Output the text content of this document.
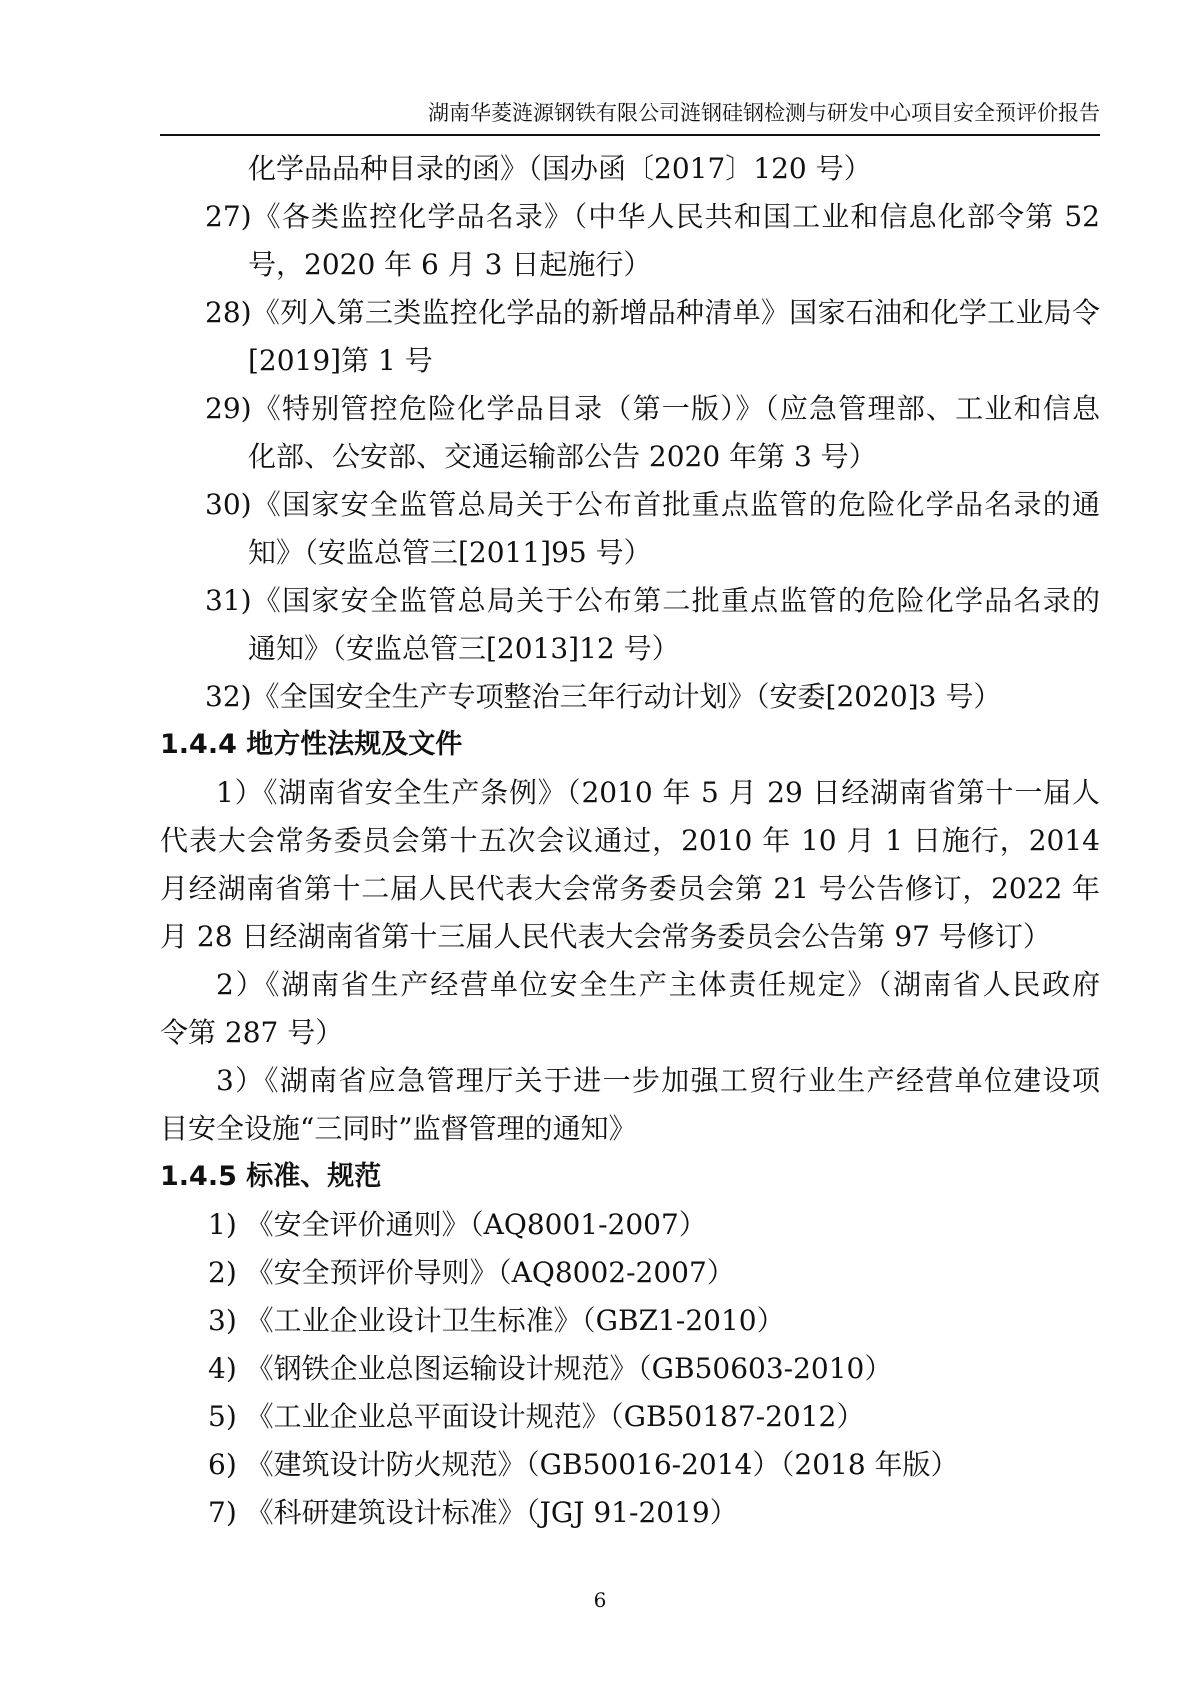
湖南华菱涟源钢铁有限公司涟钢硅钢检测与研发中心项目安全预评价报告
化学品品种目录的函》（国办函〔2017〕120 号）
27)《各类监控化学品名录》（中华人民共和国工业和信息化部令第 52
号，2020 年 6 月 3 日起施行）
28)《列入第三类监控化学品的新增品种清单》国家石油和化学工业局令
[2019]第 1 号
29)《特别管控危险化学品目录（第一版）》（应急管理部、工业和信息
化部、公安部、交通运输部公告 2020 年第 3 号）
30)《国家安全监管总局关于公布首批重点监管的危险化学品名录的通
知》（安监总管三[2011]95 号）
31)《国家安全监管总局关于公布第二批重点监管的危险化学品名录的
通知》（安监总管三[2013]12 号）
32)《全国安全生产专项整治三年行动计划》（安委[2020]3 号）
1.4.4 地方性法规及文件
1）《湖南省安全生产条例》（2010 年 5 月 29 日经湖南省第十一届人
代表大会常务委员会第十五次会议通过，2010 年 10 月 1 日施行，2014
月经湖南省第十二届人民代表大会常务委员会第 21 号公告修订，2022 年
月 28 日经湖南省第十三届人民代表大会常务委员会公告第 97 号修订）
2）《湖南省生产经营单位安全生产主体责任规定》（湖南省人民政府
令第 287 号）
3）《湖南省应急管理厅关于进一步加强工贸行业生产经营单位建设项
目安全设施“三同时”监督管理的通知》
1.4.5 标准、规范
1) 《安全评价通则》（AQ8001-2007）
2) 《安全预评价导则》（AQ8002-2007）
3) 《工业企业设计卫生标准》（GBZ1-2010）
4) 《钢铁企业总图运输设计规范》（GB50603-2010）
5) 《工业企业总平面设计规范》（GB50187-2012）
6) 《建筑设计防火规范》（GB50016-2014）（2018 年版）
7) 《科研建筑设计标准》（JGJ 91-2019）
6
